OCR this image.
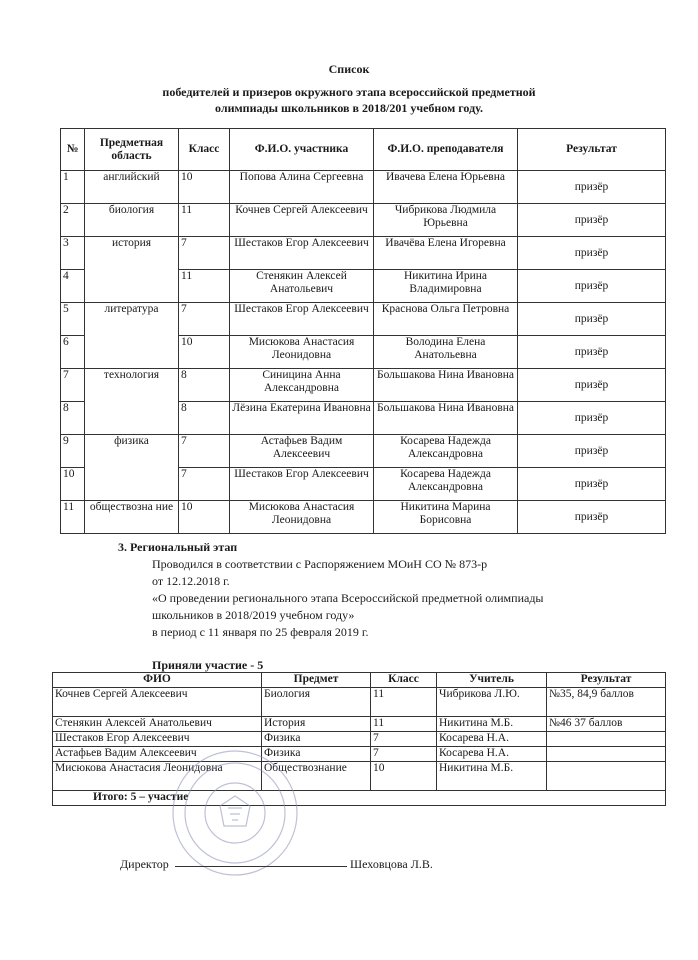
Список
победителей и призеров окружного этапа всероссийской предметной
олимпиады школьников в 2018/201 учебном году.
№	Предметная область	Класс	Ф.И.О. участника	Ф.И.О. преподавателя	Результат
1	английский	10	Попова Алина Сергеевна	Ивачева Елена Юрьевна	призёр
2	биология	11	Кочнев Сергей Алексеевич	Чибрикова Людмила Юрьевна	призёр
3	история	7	Шестаков Егор Алексеевич	Ивачёва Елена Игоревна	призёр
4		11	Стенякин Алексей Анатольевич	Никитина Ирина Владимировна	призёр
5	литература	7	Шестаков Егор Алексеевич	Краснова Ольга Петровна	призёр
6		10	Мисюкова Анастасия Леонидовна	Володина Елена Анатольевна	призёр
7	технология	8	Синицина Анна Александровна	Большакова Нина Ивановна	призёр
8		8	Лёзина Екатерина Ивановна	Большакова Нина Ивановна	призёр
9	физика	7	Астафьев Вадим Алексеевич	Косарева Надежда Александровна	призёр
10		7	Шестаков Егор Алексеевич	Косарева Надежда Александровна	призёр
11	обществозна ние	10	Мисюкова Анастасия Леонидовна	Никитина Марина Борисовна	призёр
3. Региональный этап
Проводился в соответствии с Распоряжением МОиН СО № 873-р
от 12.12.2018 г.
«О проведении регионального этапа Всероссийской предметной олимпиады
школьников в 2018/2019 учебном году»
в период с 11 января по 25 февраля 2019 г.
Приняли участие - 5
ФИО	Предмет	Класс	Учитель	Результат
Кочнев Сергей Алексеевич	Биология	11	Чибрикова Л.Ю.	№35, 84,9 баллов
Стенякин Алексей Анатольевич	История	11	Никитина М.Б.	№46 37 баллов
Шестаков Егор Алексеевич	Физика	7	Косарева Н.А.	
Астафьев Вадим Алексеевич	Физика	7	Косарева Н.А.	
Мисюкова Анастасия Леонидовна	Обществознание	10	Никитина М.Б.	
Итого: 5 – участие				
Директор	Шеховцова Л.В.
